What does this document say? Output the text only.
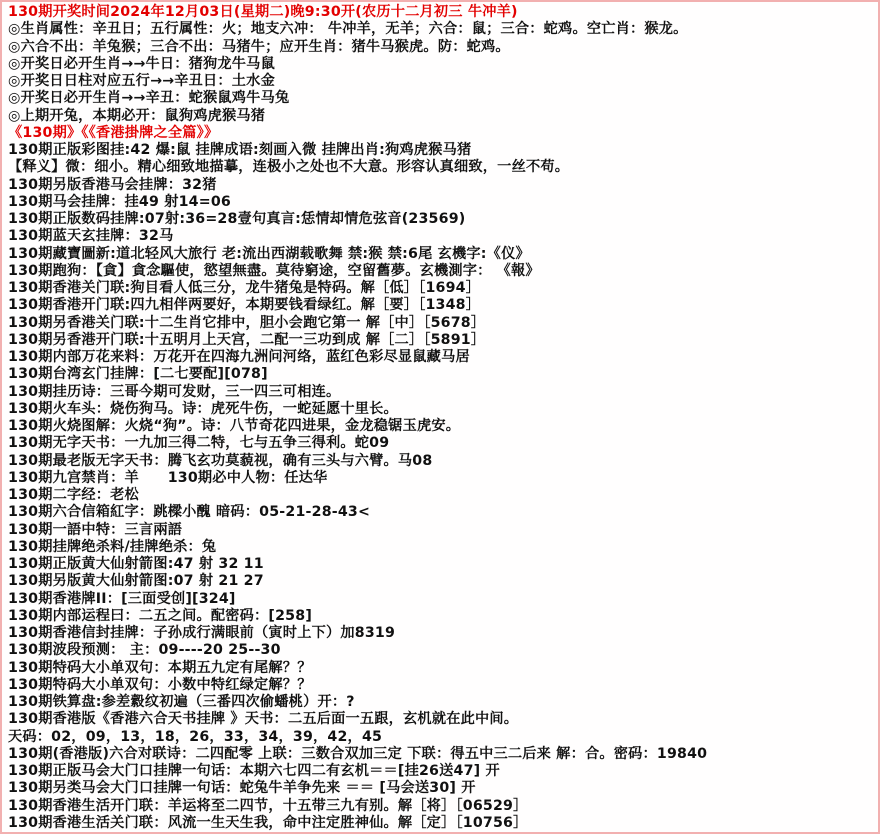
130期开奖时间2024年12月03日(星期二)晚9:30开(农历十二月初三 牛冲羊)
◎生肖属性：辛丑日；五行属性：火；地支六冲： 牛冲羊，无羊；六合：鼠；三合：蛇鸡。空亡肖：猴龙。
◎六合不出：羊兔猴；三合不出：马猪牛；应开生肖：猪牛马猴虎。防：蛇鸡。
◎开奖日必开生肖→→牛日：猪狗龙牛马鼠
◎开奖日日柱对应五行→→辛丑日：土水金
◎开奖日必开生肖→→辛丑：蛇猴鼠鸡牛马兔
◎上期开兔，本期必开：鼠狗鸡虎猴马猪
《130期》《《香港掛牌之全篇》》
130期正版彩图挂:42 爆:鼠 挂牌成语:刻画入微 挂牌出肖:狗鸡虎猴马猪
【释义】微：细小。精心细致地描摹，连极小之处也不大意。形容认真细致，一丝不苟。
130期另版香港马会挂牌：32猪
130期马会挂牌：挂49 射14=06
130期正版数码挂牌:07射:36=28壹句真言:恁情却情危弦音(23569)
130期蓝天玄挂牌：32马
130期藏寶圖新:道北轻风大旅行 老:流出西湖载歌舞 禁:猴 禁:6尾 玄機字:《仪》
130期跑狗：【貪】貪念驅使，慾望無盡。莫待窮途，空留舊夢。玄機測字： 《報》
130期香港关门联:狗目看人低三分，龙牛猪兔是特码。解［低］［1694］
130期香港开门联:四九相伴两要好，本期要钱看绿红。解［要］［1348］
130期另香港关门联:十二生肖它排中，胆小会跑它第一 解［中］［5678］
130期另香港开门联:十五明月上天宫，二配一三功到成 解［二］［5891］
130期内部万花来料：万花开在四海九洲问河络，蓝红色彩尽显鼠藏马居
130期台湾玄门挂牌：[二七要配][078]
130期挂历诗：三哥今期可发财，三一四三可相连。
130期火车头：烧伤狗马。诗：虎死牛伤，一蛇延愿十里长。
130期火烧图解：火烧“狗”。诗：八节奇花四进果，金龙稳锯玉虎安。
130期无字天书：一九加三得二特，七与五争三得利。蛇09
130期最老版无字天书：腾飞玄功莫藐视，确有三头与六臂。马08
130期九宫禁肖：羊　　130期必中人物：任达华
130期二字经：老松
130期六合信箱紅字：跳樑小醜 暗码：05-21-28-43<
130期一語中特：三言兩語
130期挂牌绝杀料/挂牌绝杀：兔
130期正版黄大仙射箭图:47 射 32 11
130期另版黄大仙射箭图:07 射 21 27
130期香港牌II：[三面受创][324]
130期内部运程曰：二五之间。配密码：[258]
130期香港信封挂牌：子孙成行满眼前（寅时上下）加8319
130期波段预测： 主：09----20 25--30
130期特码大小单双句：本期五九定有尾解？？
130期特码大小单双句：小数中特红绿定解？？
130期铁算盘:参差縠纹初遍（三番四次偷蟠桃）开：?
130期香港版《香港六合天书挂牌 》天书：二五后面一五跟，玄机就在此中间。
天码：02，09，13，18，26，33，34，39，42，45
130期(香港版)六合对联诗：二四配零 上联：三数合双加三定 下联：得五中三二后来 解：合。密码：19840
130期正版马会大门口挂牌一句话：本期六七四二有玄机＝＝[挂26送47] 开
130期另类马会大门口挂牌一句话：蛇兔牛羊争先来 ＝＝ [马会送30] 开
130期香港生活开门联：羊运将至二四节，十五带三九有别。解［将］［06529］
130期香港生活关门联：风流一生天生我，命中注定胜神仙。解［定］［10756］
